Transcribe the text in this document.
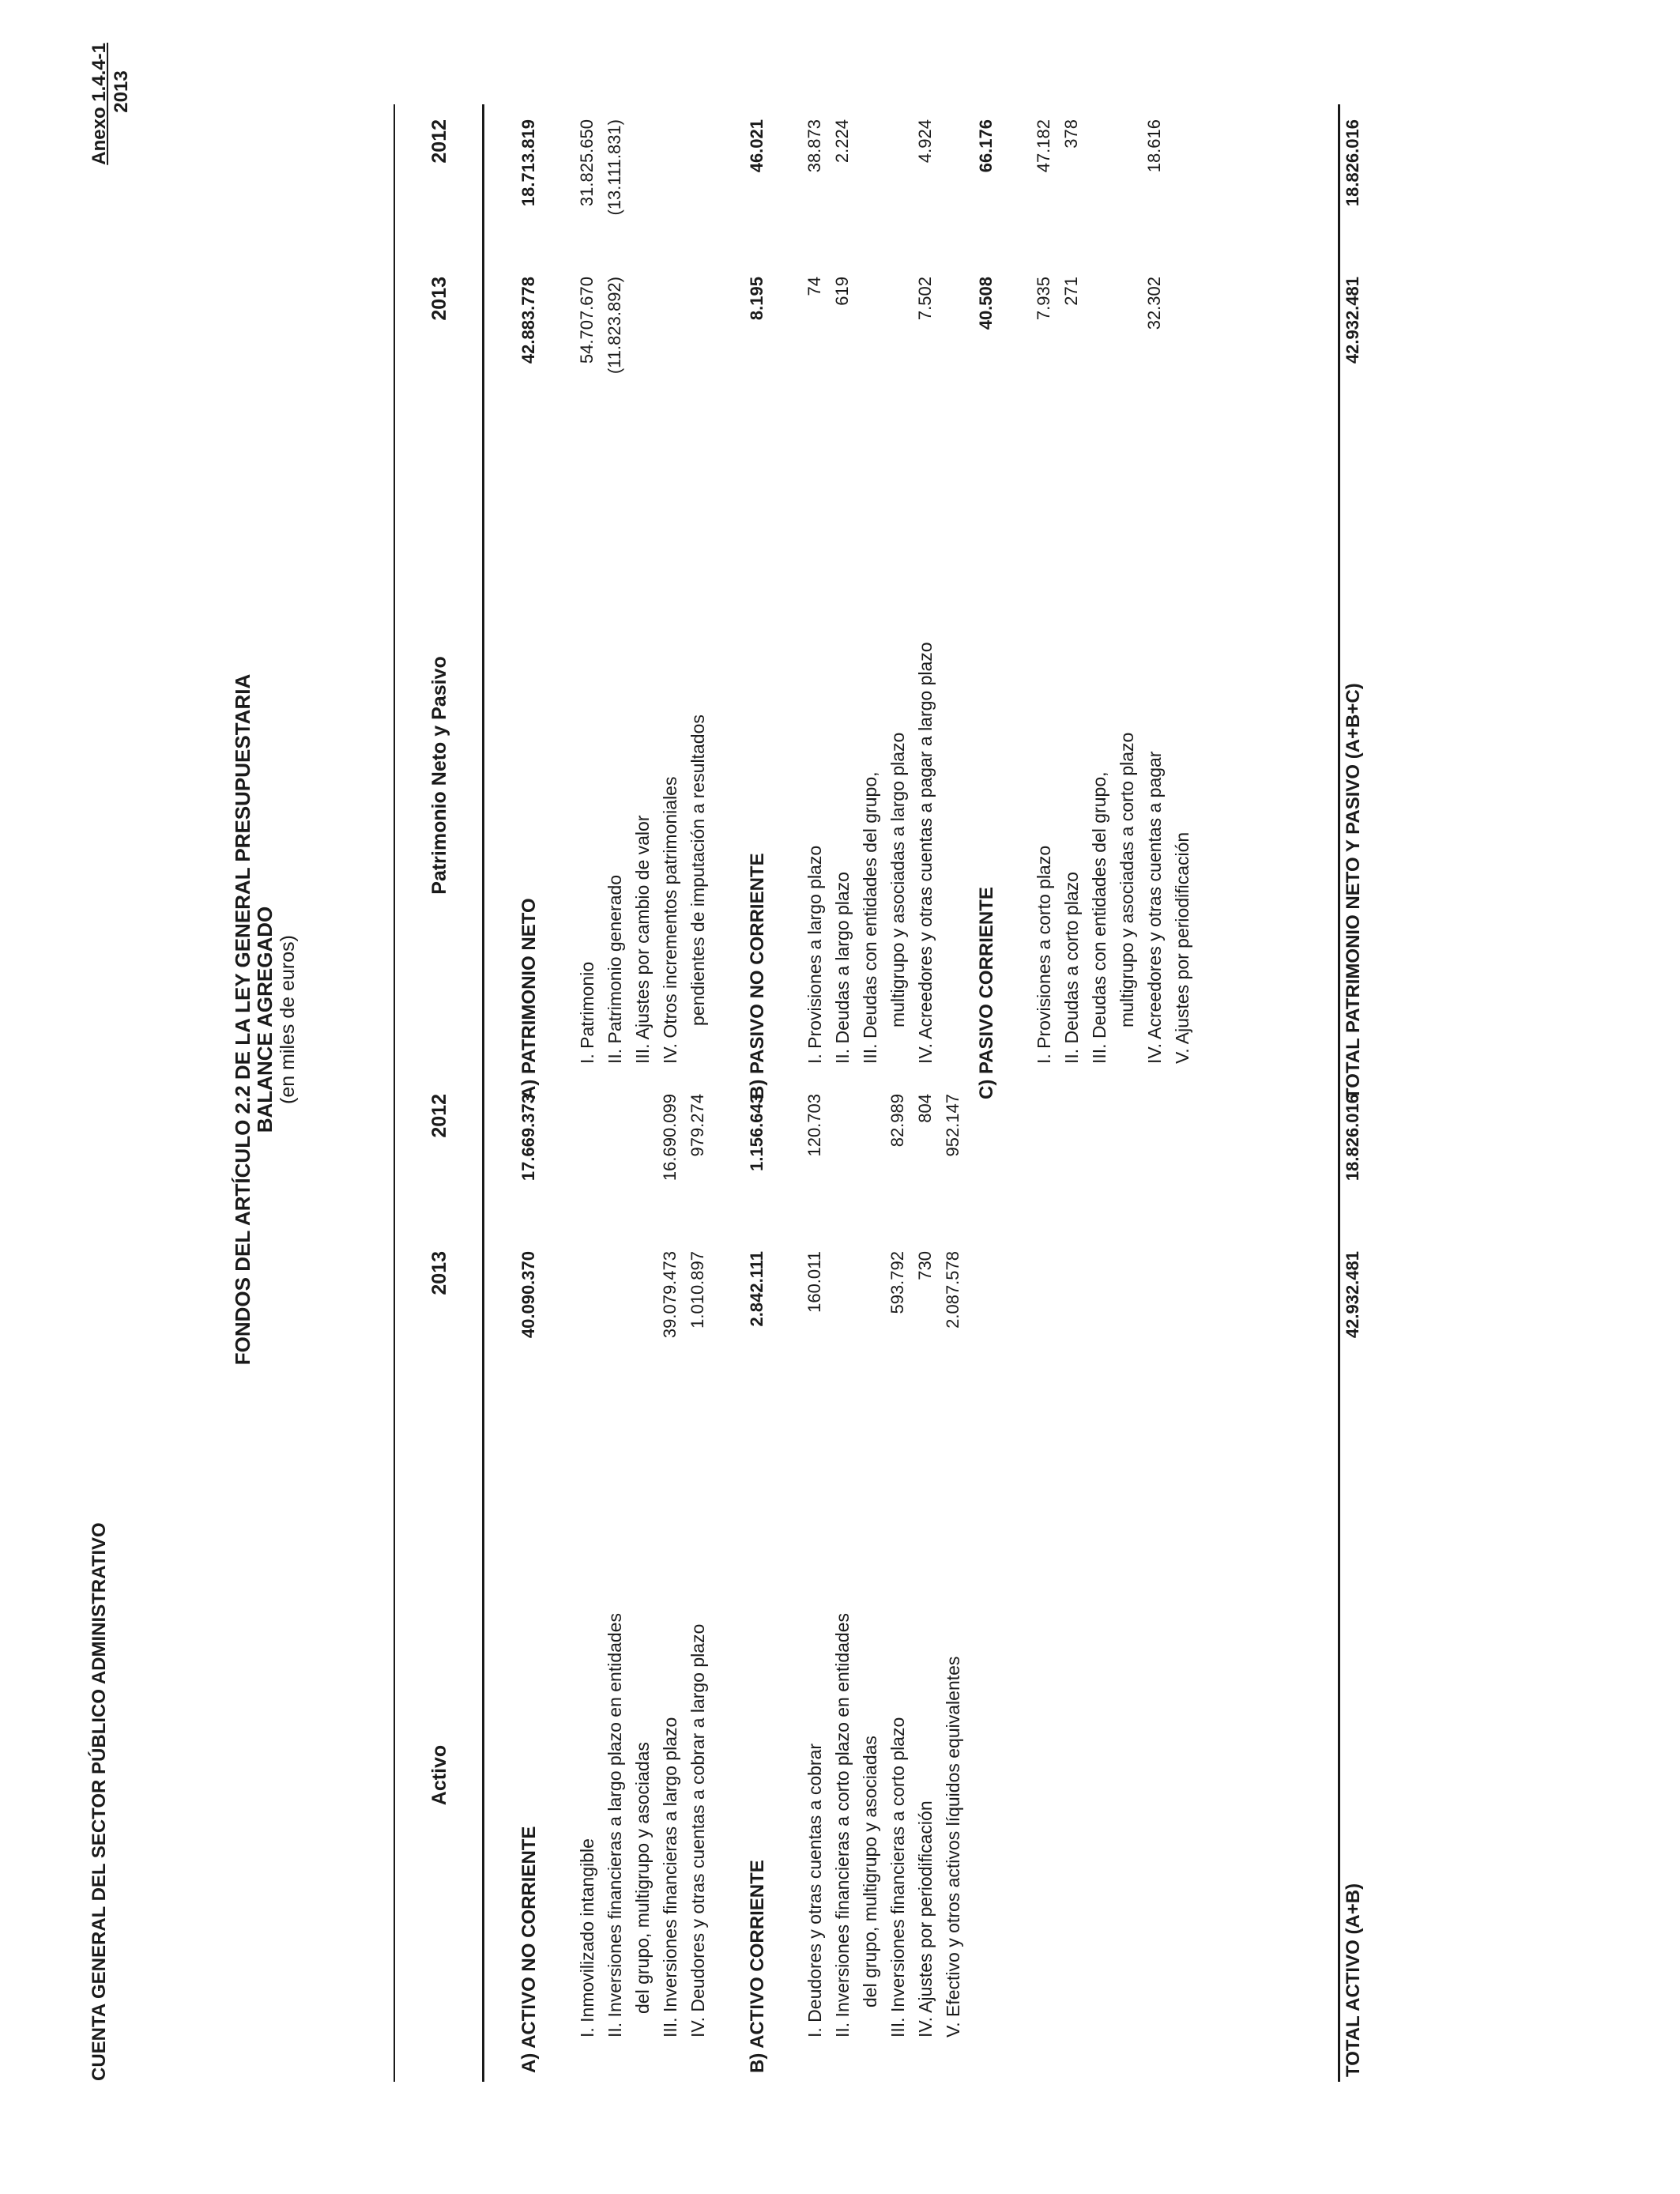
CUENTA GENERAL DEL SECTOR PÚBLICO ADMINISTRATIVO
Anexo 1.4.4-1 2013
FONDOS DEL ARTÍCULO 2.2 DE LA LEY GENERAL PRESUPUESTARIA
BALANCE AGREGADO (en miles de euros)
Activo
2013
2012
Patrimonio Neto y Pasivo
2013
2012
A) ACTIVO NO CORRIENTE
40.090.370
17.669.373
I. Inmovilizado intangible II. Inversiones financieras a largo plazo en entidades del grupo, multigrupo y asociadas III. Inversiones financieras a largo plazo
39.079.473
16.690.099
IV. Deudores y otras cuentas a cobrar a largo plazo
1.010.897
979.274
B) ACTIVO CORRIENTE
2.842.111
1.156.643
I. Deudores y otras cuentas a cobrar
160.011
120.703
II. Inversiones financieras a corto plazo en entidades del grupo, multigrupo y asociadas III. Inversiones financieras a corto plazo
593.792
82.989
IV. Ajustes por periodificación
730
804
V. Efectivo y otros activos líquidos equivalentes
2.087.578
952.147
TOTAL ACTIVO (A+B)
42.932.481
18.826.016
A) PATRIMONIO NETO
42.883.778
18.713.819
I. Patrimonio
54.707.670
31.825.650
II. Patrimonio generado
(11.823.892)
(13.111.831)
III. Ajustes por cambio de valor IV. Otros incrementos patrimoniales pendientes de imputación a resultados B) PASIVO NO CORRIENTE
8.195
46.021
I. Provisiones a largo plazo
74
38.873
II. Deudas a largo plazo
619
2.224
III. Deudas con entidades del grupo, multigrupo y asociadas a largo plazo IV. Acreedores y otras cuentas a pagar a largo plazo
7.502
4.924
C) PASIVO CORRIENTE
40.508
66.176
I. Provisiones a corto plazo
7.935
47.182
II. Deudas a corto plazo
271
378
III. Deudas con entidades del grupo, multigrupo y asociadas a corto plazo IV. Acreedores y otras cuentas a pagar
32.302
18.616
V. Ajustes por periodificación	TOTAL PATRIMONIO NETO Y PASIVO (A+B+C)
42.932.481
18.826.016
